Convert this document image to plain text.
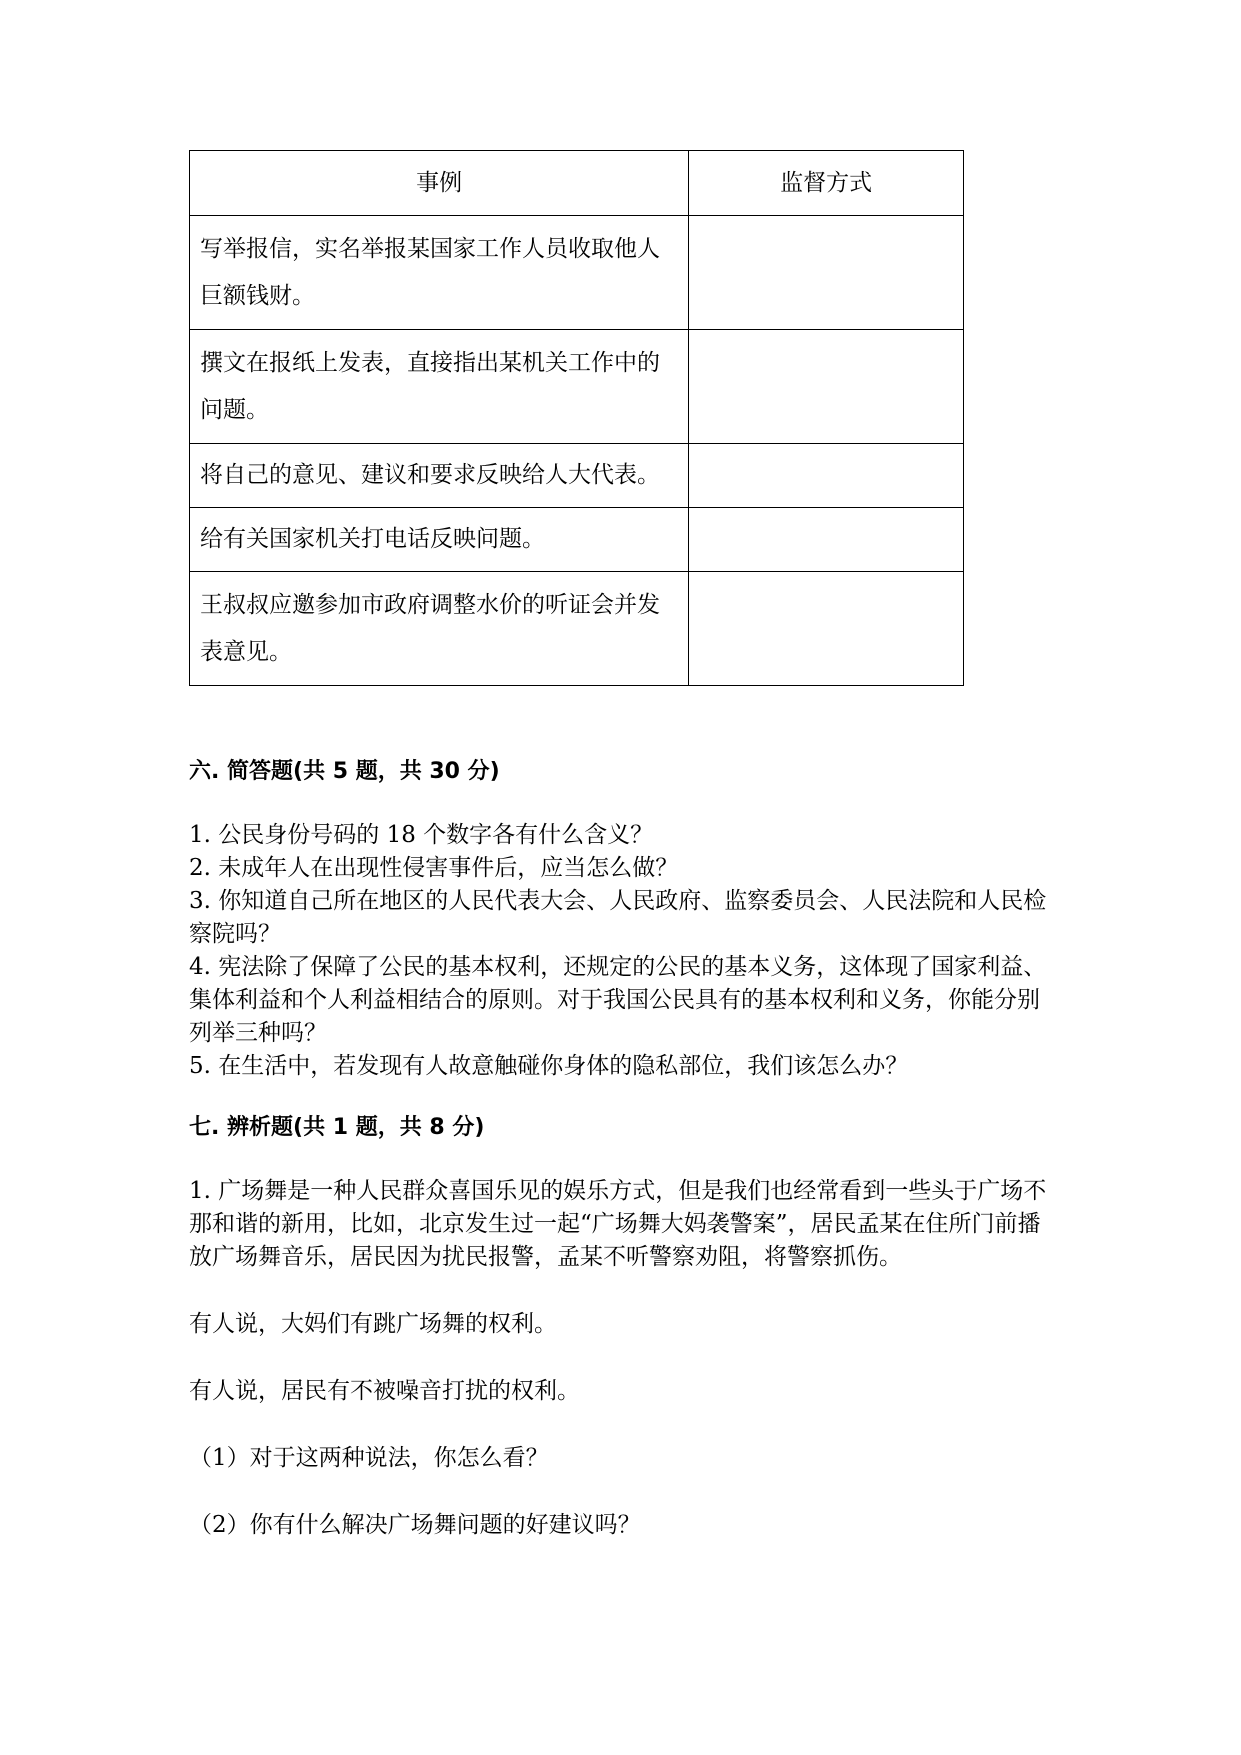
事例	监督方式
写举报信，实名举报某国家工作人员收取他人巨额钱财。	
撰文在报纸上发表，直接指出某机关工作中的问题。	
将自己的意见、建议和要求反映给人大代表。	
给有关国家机关打电话反映问题。	
王叔叔应邀参加市政府调整水价的听证会并发表意见。	
六. 简答题(共 5 题，共 30 分)
1. 公民身份号码的 18 个数字各有什么含义？
2. 未成年人在出现性侵害事件后，应当怎么做？
3. 你知道自己所在地区的人民代表大会、人民政府、监察委员会、人民法院和人民检察院吗？
4. 宪法除了保障了公民的基本权利，还规定的公民的基本义务，这体现了国家利益、集体利益和个人利益相结合的原则。对于我国公民具有的基本权利和义务，你能分别列举三种吗？
5. 在生活中，若发现有人故意触碰你身体的隐私部位，我们该怎么办？
七. 辨析题(共 1 题，共 8 分)
1. 广场舞是一种人民群众喜国乐见的娱乐方式，但是我们也经常看到一些头于广场不那和谐的新用，比如，北京发生过一起“广场舞大妈袭警案”，居民孟某在住所门前播放广场舞音乐，居民因为扰民报警，孟某不听警察劝阻，将警察抓伤。
有人说，大妈们有跳广场舞的权利。
有人说，居民有不被噪音打扰的权利。
（1）对于这两种说法，你怎么看？
（2）你有什么解决广场舞问题的好建议吗？
